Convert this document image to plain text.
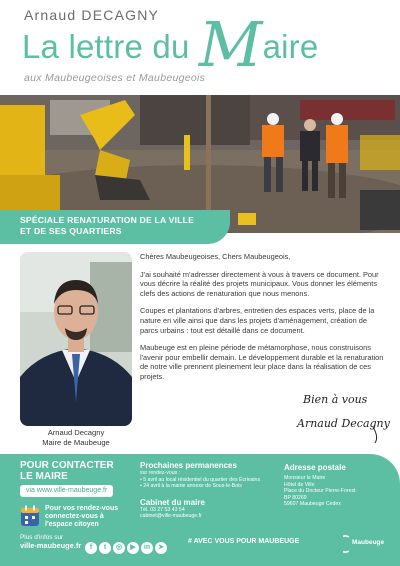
Arnaud DECAGNY
La lettre du Maire
aux Maubeugeoises et Maubeugeois
SPÉCIALE RENATURATION DE LA VILLE
ET DE SES QUARTIERS
Arnaud Decagny
Maire de Maubeuge

Chères Maubeugeoises, Chers Maubeugeois,

J'ai souhaité m'adresser directement à vous à travers ce document. Pour vous décrire la réalité des projets municipaux. Vous donner les éléments clefs des actions de renaturation que nous menons.

Coupes et plantations d'arbres, entretien des espaces verts, place de la nature en ville ainsi que dans les projets d'aménagement, création de parcs urbains : tout est détaillé dans ce document.

Maubeuge est en pleine période de métamorphose, nous construisons l'avenir pour embellir demain. Le développement durable et la renaturation de notre ville prennent pleinement leur place dans la réalisation de ces projets.

Bien à vous
Arnaud Decagny
POUR CONTACTER
LE MAIRE
via www.ville-maubeuge.fr
Pour vos rendez-vous
connectez-vous à
l'espace citoyen
Plus d'infos sur
ville-maubeuge.fr	f t ◎ ▶ in ➤
# AVEC VOUS POUR MAUBEUGE
Prochaines permanences
sur rendez-vous :
• 5 avril au local résidentiel du quartier des Écrivains
• 24 avril à la mairie annexe de Sous-le-Bois
Cabinet du maire
Tél. 03 27 53 43 54
cabinet@ville-maubeuge.fr
Adresse postale
Monsieur le Maire
Hôtel de Ville
Place du Docteur Pierre-Forest
BP 80269
59607 Maubeuge Cedex
Maubeuge
